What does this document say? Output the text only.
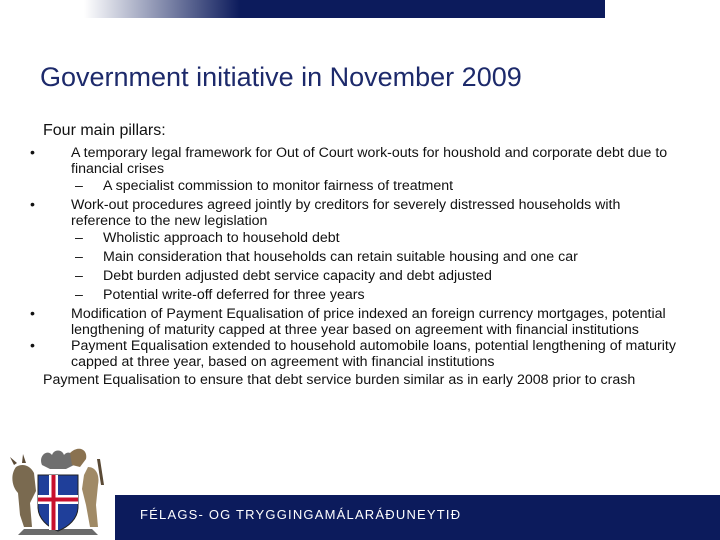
Government initiative in November 2009

Four main pillars:

•	A temporary legal framework for Out of Court work-outs for houshold and corporate debt due to financial crises

– A specialist commission to monitor fairness of treatment

•	Work-out procedures agreed jointly by creditors for severely distressed households with reference to the new legislation

– Wholistic approach to household debt

– Main consideration that households can retain suitable housing and one car

– Debt burden adjusted debt service capacity and debt adjusted

– Potential write-off deferred for three years

•	Modification of Payment Equalisation of price indexed an foreign currency mortgages, potential lengthening of maturity capped at three year based on agreement with financial institutions

•	Payment Equalisation extended to household automobile loans, potential lengthening of maturity capped at three year, based on agreement with financial institutions

Payment Equalisation to ensure that debt service burden similar as in early 2008 prior to crash

FÉLAGS- OG TRYGGINGAMÁLARÁÐUNEYTIÐ
